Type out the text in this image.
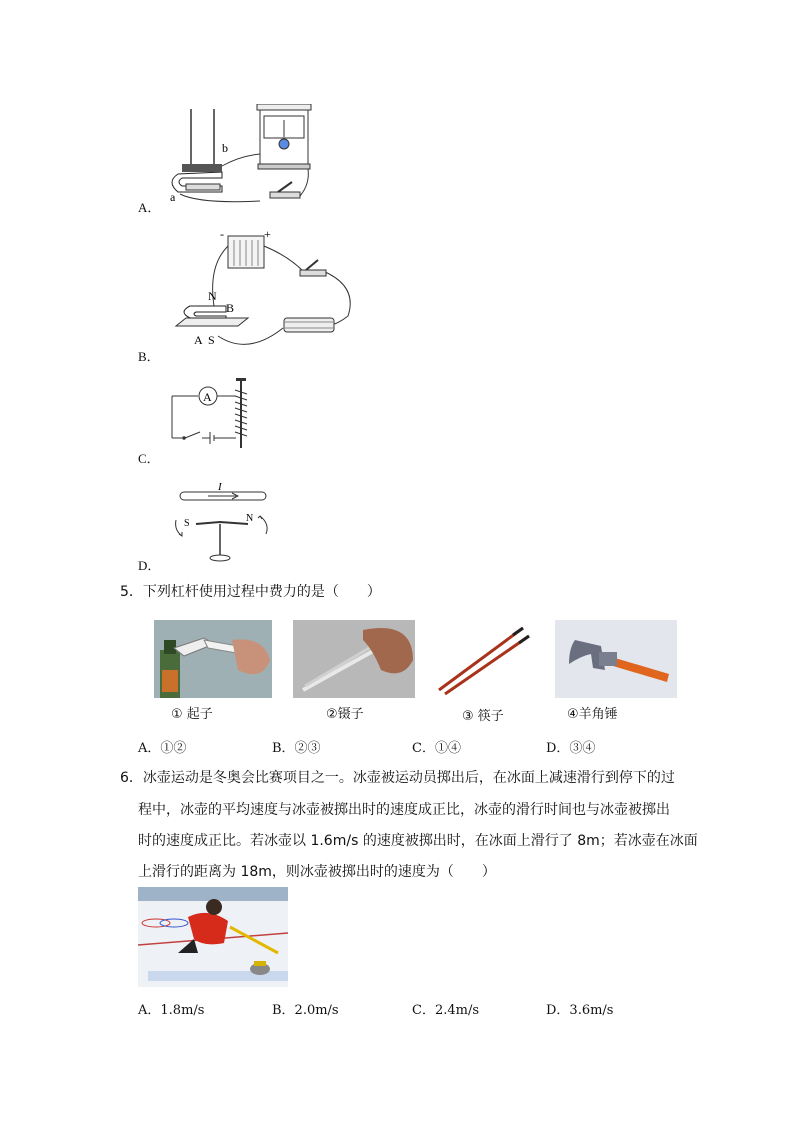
A．
b
a
B．
-	+
N
B
A S
C．
A
D．
I
S	N
5．下列杠杆使用过程中费力的是（　　）
① 起子	②镊子	③ 筷子	④羊角锤
A．①②	B．②③	C．①④	D．③④
6．冰壶运动是冬奥会比赛项目之一。冰壶被运动员掷出后，在冰面上减速滑行到停下的过
程中，冰壶的平均速度与冰壶被掷出时的速度成正比，冰壶的滑行时间也与冰壶被掷出
时的速度成正比。若冰壶以 1.6m/s 的速度被掷出时，在冰面上滑行了 8m；若冰壶在冰面
上滑行的距离为 18m，则冰壶被掷出时的速度为（　　）
A．1.8m/s	B．2.0m/s	C．2.4m/s	D．3.6m/s
